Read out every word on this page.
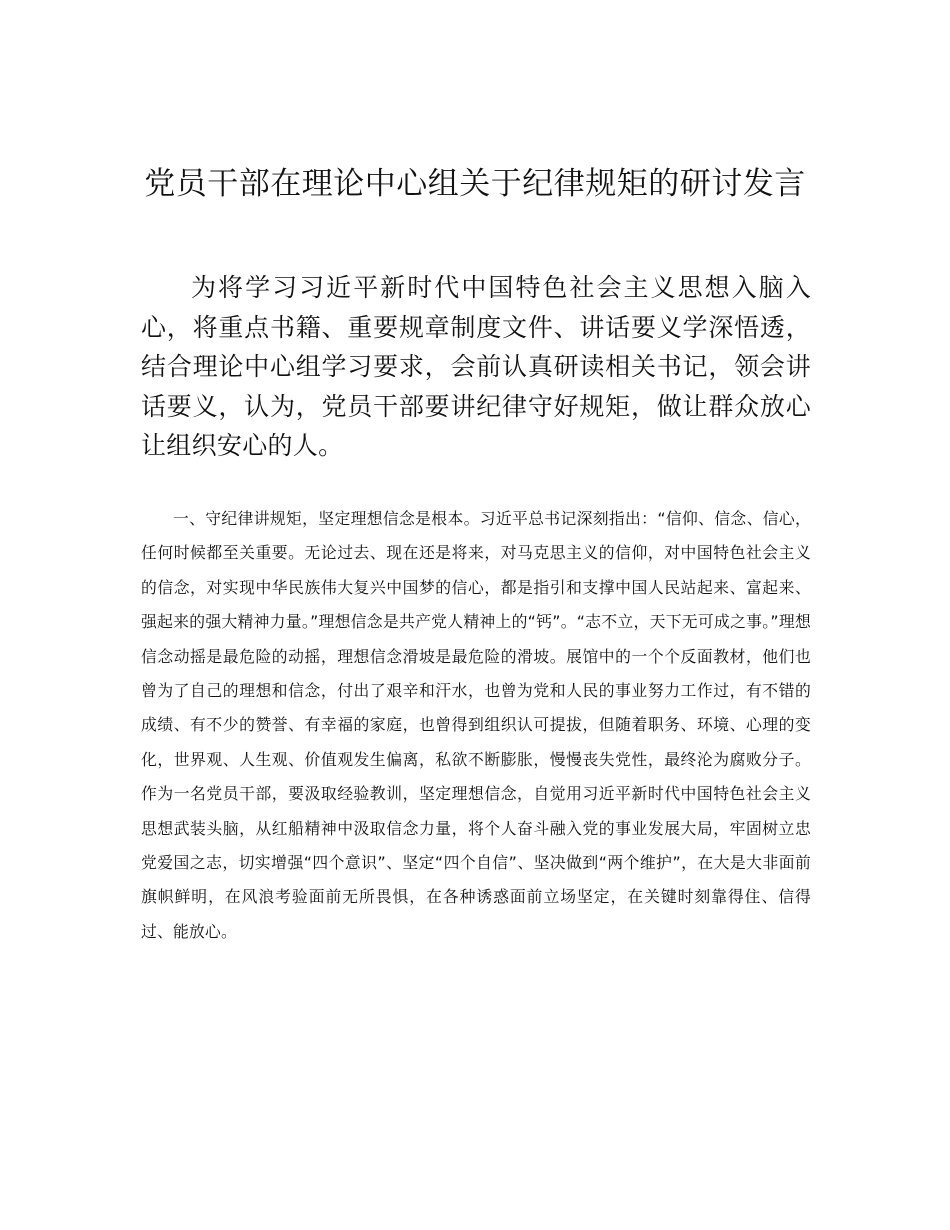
党员干部在理论中心组关于纪律规矩的研讨发言

为将学习习近平新时代中国特色社会主义思想入脑入心，将重点书籍、重要规章制度文件、讲话要义学深悟透，结合理论中心组学习要求，会前认真研读相关书记，领会讲话要义，认为，党员干部要讲纪律守好规矩，做让群众放心让组织安心的人。

一、守纪律讲规矩，坚定理想信念是根本。习近平总书记深刻指出：“信仰、信念、信心，任何时候都至关重要。无论过去、现在还是将来，对马克思主义的信仰，对中国特色社会主义的信念，对实现中华民族伟大复兴中国梦的信心，都是指引和支撑中国人民站起来、富起来、强起来的强大精神力量。”理想信念是共产党人精神上的“钙”。“志不立，天下无可成之事。”理想信念动摇是最危险的动摇，理想信念滑坡是最危险的滑坡。展馆中的一个个反面教材，他们也曾为了自己的理想和信念，付出了艰辛和汗水，也曾为党和人民的事业努力工作过，有不错的成绩、有不少的赞誉、有幸福的家庭，也曾得到组织认可提拔，但随着职务、环境、心理的变化，世界观、人生观、价值观发生偏离，私欲不断膨胀，慢慢丧失党性，最终沦为腐败分子。作为一名党员干部，要汲取经验教训，坚定理想信念，自觉用习近平新时代中国特色社会主义思想武装头脑，从红船精神中汲取信念力量，将个人奋斗融入党的事业发展大局，牢固树立忠党爱国之志，切实增强“四个意识”、坚定“四个自信”、坚决做到“两个维护”，在大是大非面前旗帜鲜明，在风浪考验面前无所畏惧，在各种诱惑面前立场坚定，在关键时刻靠得住、信得过、能放心。
